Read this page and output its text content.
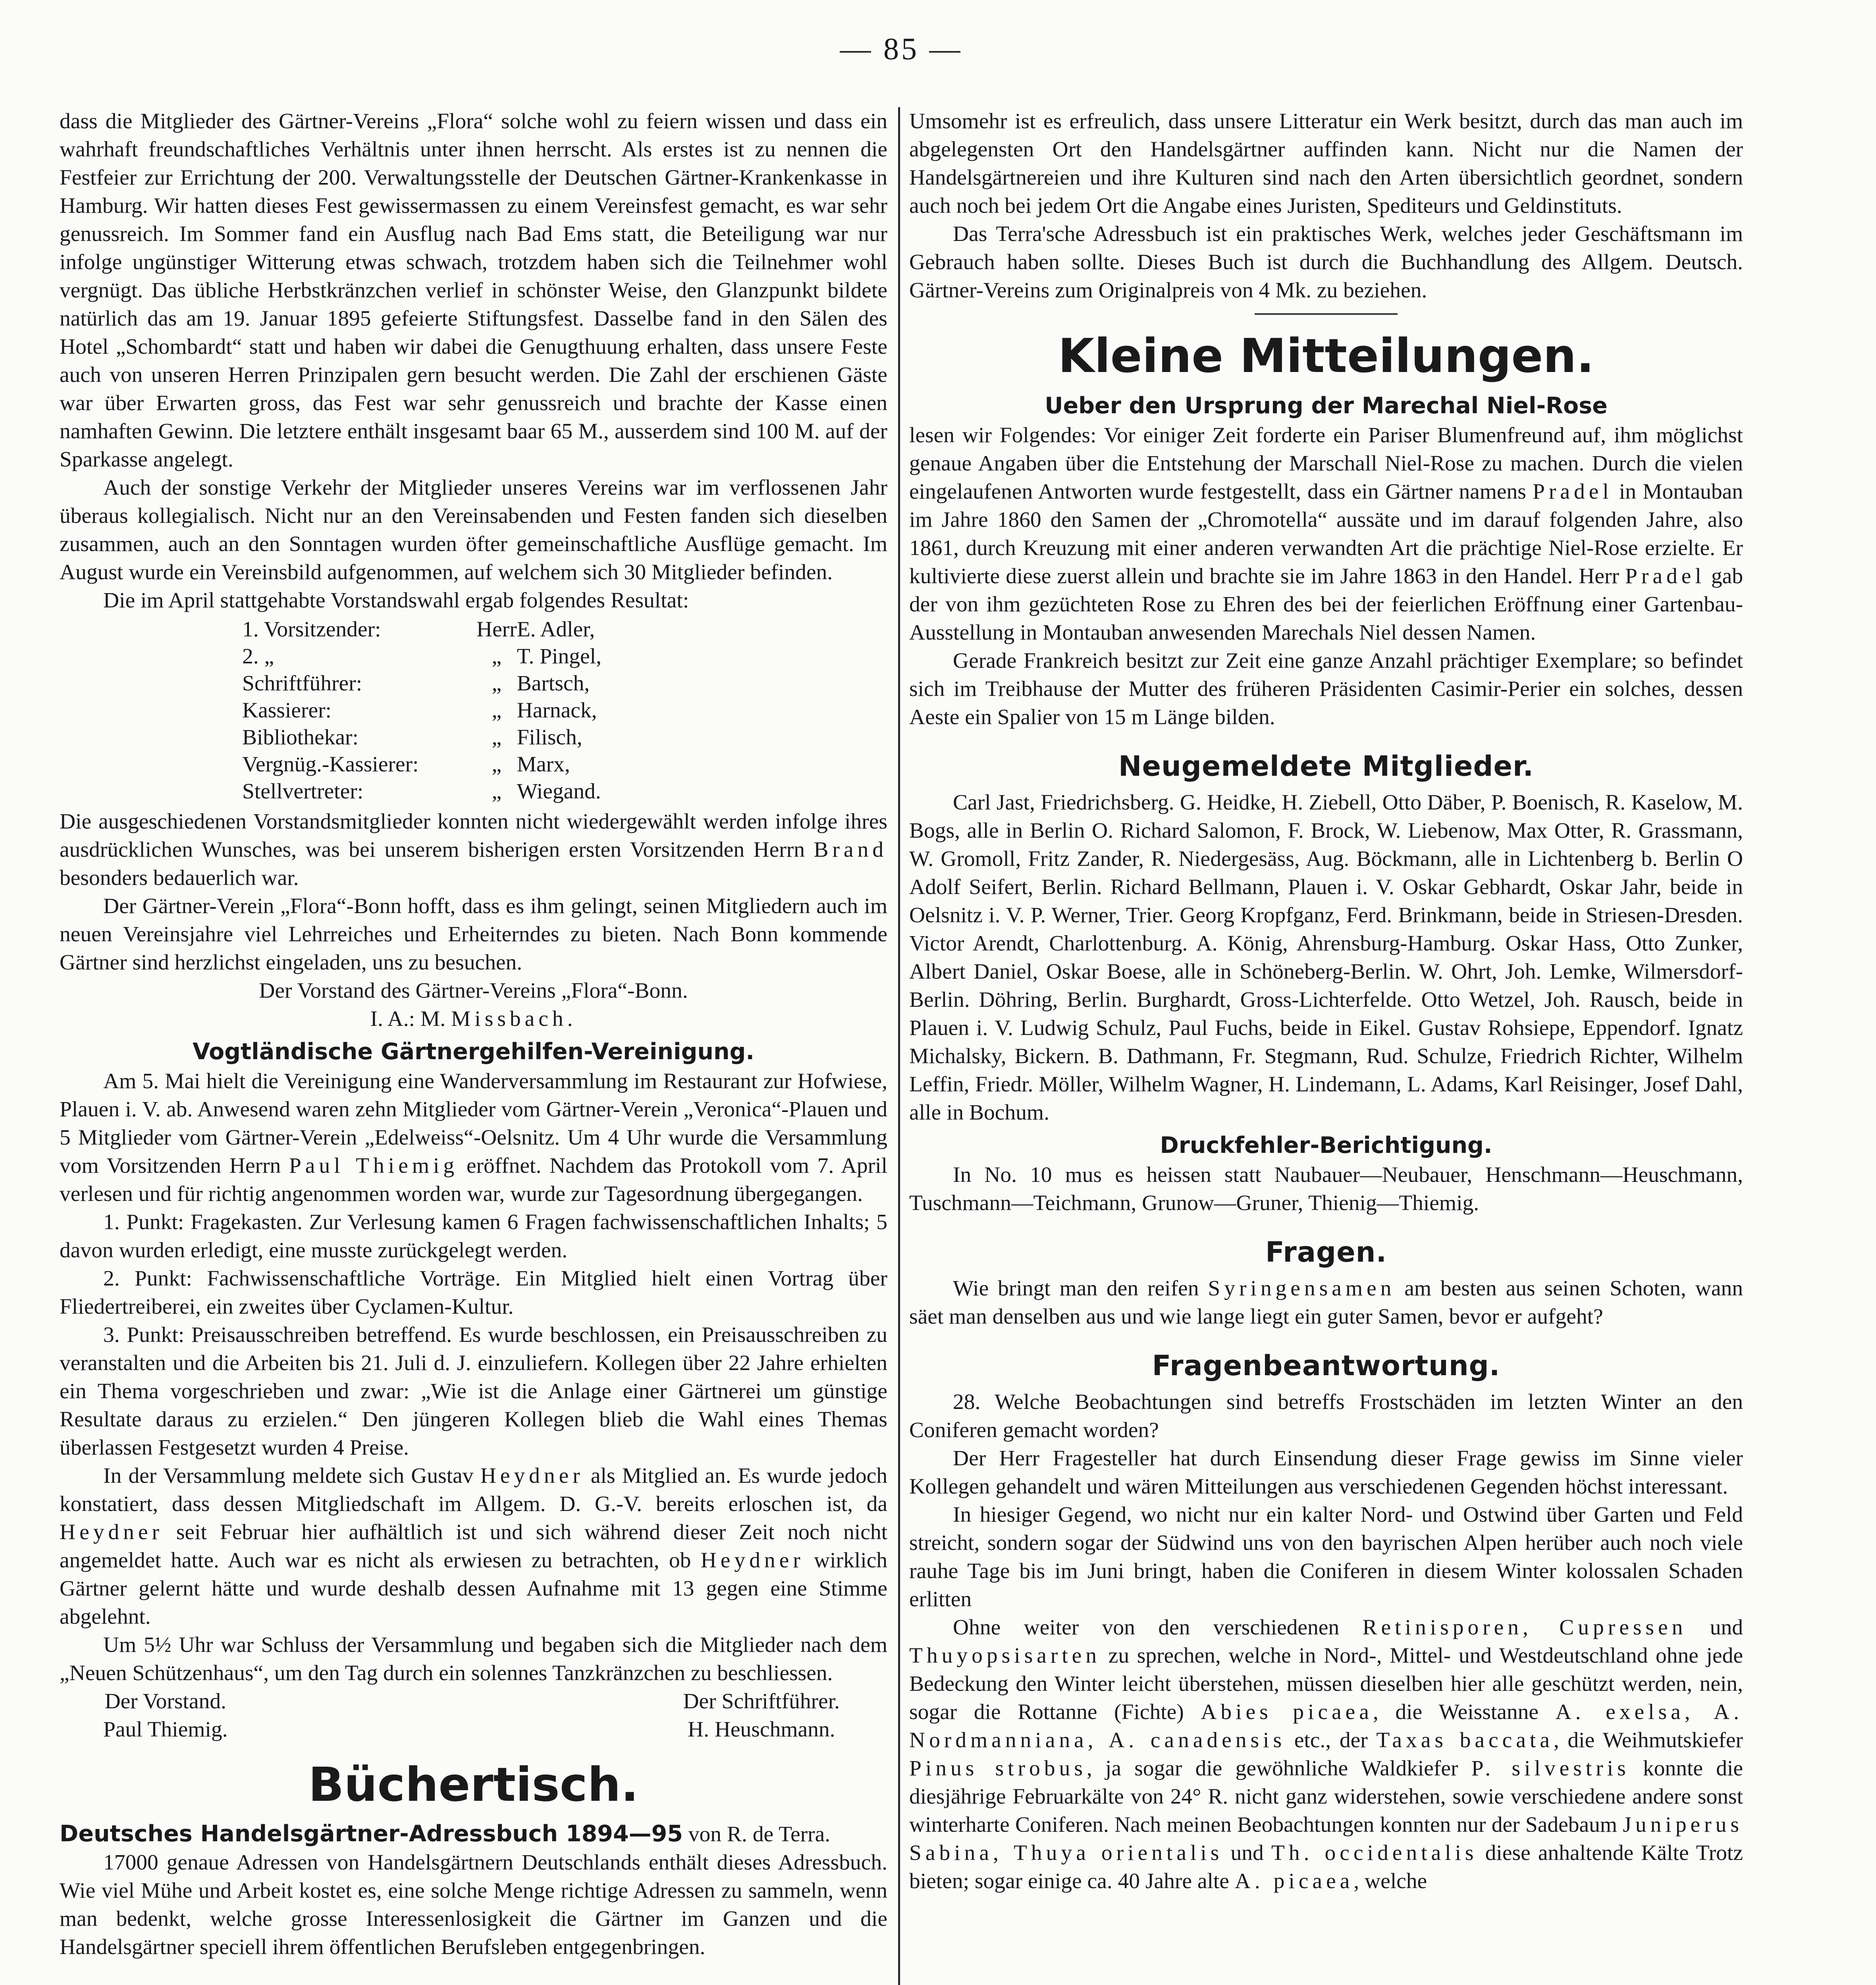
— 85 —

dass die Mitglieder des Gärtner-Vereins „Flora“ solche wohl zu feiern wissen und dass ein wahrhaft freundschaftliches Verhältnis unter ihnen herrscht. Als erstes ist zu nennen die Festfeier zur Errichtung der 200. Verwaltungsstelle der Deutschen Gärtner-Krankenkasse in Hamburg. Wir hatten dieses Fest gewissermassen zu einem Vereinsfest gemacht, es war sehr genussreich. Im Sommer fand ein Ausflug nach Bad Ems statt, die Beteiligung war nur infolge ungünstiger Witterung etwas schwach, trotzdem haben sich die Teilnehmer wohl vergnügt. Das übliche Herbstkränzchen verlief in schönster Weise, den Glanzpunkt bildete natürlich das am 19. Januar 1895 gefeierte Stiftungsfest. Dasselbe fand in den Sälen des Hotel „Schombardt“ statt und haben wir dabei die Genugthuung erhalten, dass unsere Feste auch von unseren Herren Prinzipalen gern besucht werden. Die Zahl der erschienen Gäste war über Erwarten gross, das Fest war sehr genussreich und brachte der Kasse einen namhaften Gewinn. Die letztere enthält insgesamt baar 65 M., ausserdem sind 100 M. auf der Sparkasse angelegt.

Auch der sonstige Verkehr der Mitglieder unseres Vereins war im verflossenen Jahr überaus kollegialisch. Nicht nur an den Vereinsabenden und Festen fanden sich dieselben zusammen, auch an den Sonntagen wurden öfter gemeinschaftliche Ausflüge gemacht. Im August wurde ein Vereinsbild aufgenommen, auf welchem sich 30 Mitglieder befinden.

Die im April stattgehabte Vorstandswahl ergab folgendes Resultat:

1. Vorsitzender:	Herr	E. Adler,
2. „	„	T. Pingel,
Schriftführer:	„	Bartsch,
Kassierer:	„	Harnack,
Bibliothekar:	„	Filisch,
Vergnüg.-Kassierer:	„	Marx,
Stellvertreter:	„	Wiegand.

Die ausgeschiedenen Vorstandsmitglieder konnten nicht wiedergewählt werden infolge ihres ausdrücklichen Wunsches, was bei unserem bisherigen ersten Vorsitzenden Herrn Brand besonders bedauerlich war.

Der Gärtner-Verein „Flora“-Bonn hofft, dass es ihm gelingt, seinen Mitgliedern auch im neuen Vereinsjahre viel Lehrreiches und Erheiterndes zu bieten. Nach Bonn kommende Gärtner sind herzlichst eingeladen, uns zu besuchen.

Der Vorstand des Gärtner-Vereins „Flora“-Bonn.

I. A.: M. Missbach.

Vogtländische Gärtnergehilfen-Vereinigung.

Am 5. Mai hielt die Vereinigung eine Wanderversammlung im Restaurant zur Hofwiese, Plauen i. V. ab. Anwesend waren zehn Mitglieder vom Gärtner-Verein „Veronica“-Plauen und 5 Mitglieder vom Gärtner-Verein „Edelweiss“-Oelsnitz. Um 4 Uhr wurde die Versammlung vom Vorsitzenden Herrn Paul Thiemig eröffnet. Nachdem das Protokoll vom 7. April verlesen und für richtig angenommen worden war, wurde zur Tagesordnung übergegangen.

1. Punkt: Fragekasten. Zur Verlesung kamen 6 Fragen fachwissenschaftlichen Inhalts; 5 davon wurden erledigt, eine musste zurückgelegt werden.

2. Punkt: Fachwissenschaftliche Vorträge. Ein Mitglied hielt einen Vortrag über Fliedertreiberei, ein zweites über Cyclamen-Kultur.

3. Punkt: Preisausschreiben betreffend. Es wurde beschlossen, ein Preisausschreiben zu veranstalten und die Arbeiten bis 21. Juli d. J. einzuliefern. Kollegen über 22 Jahre erhielten ein Thema vorgeschrieben und zwar: „Wie ist die Anlage einer Gärtnerei um günstige Resultate daraus zu erzielen.“ Den jüngeren Kollegen blieb die Wahl eines Themas überlassen Festgesetzt wurden 4 Preise.

In der Versammlung meldete sich Gustav Heydner als Mitglied an. Es wurde jedoch konstatiert, dass dessen Mitgliedschaft im Allgem. D. G.-V. bereits erloschen ist, da Heydner seit Februar hier aufhältlich ist und sich während dieser Zeit noch nicht angemeldet hatte. Auch war es nicht als erwiesen zu betrachten, ob Heydner wirklich Gärtner gelernt hätte und wurde deshalb dessen Aufnahme mit 13 gegen eine Stimme abgelehnt.

Um 5½ Uhr war Schluss der Versammlung und begaben sich die Mitglieder nach dem „Neuen Schützenhaus“, um den Tag durch ein solennes Tanzkränzchen zu beschliessen.

Der Vorstand.
Paul Thiemig.
Der Schriftführer.
H. Heuschmann.
Büchertisch.

Deutsches Handelsgärtner-Adressbuch 1894—95 von R. de Terra.

17000 genaue Adressen von Handelsgärtnern Deutschlands enthält dieses Adressbuch. Wie viel Mühe und Arbeit kostet es, eine solche Menge richtige Adressen zu sammeln, wenn man bedenkt, welche grosse Interessenlosigkeit die Gärtner im Ganzen und die Handelsgärtner speciell ihrem öffentlichen Berufsleben entgegenbringen.

Umsomehr ist es erfreulich, dass unsere Litteratur ein Werk besitzt, durch das man auch im abgelegensten Ort den Handelsgärtner auffinden kann. Nicht nur die Namen der Handelsgärtnereien und ihre Kulturen sind nach den Arten übersichtlich geordnet, sondern auch noch bei jedem Ort die Angabe eines Juristen, Spediteurs und Geldinstituts.

Das Terra'sche Adressbuch ist ein praktisches Werk, welches jeder Geschäftsmann im Gebrauch haben sollte. Dieses Buch ist durch die Buchhandlung des Allgem. Deutsch. Gärtner-Vereins zum Originalpreis von 4 Mk. zu beziehen.

Kleine Mitteilungen.
Ueber den Ursprung der Marechal Niel-Rose

lesen wir Folgendes: Vor einiger Zeit forderte ein Pariser Blumenfreund auf, ihm möglichst genaue Angaben über die Entstehung der Marschall Niel-Rose zu machen. Durch die vielen eingelaufenen Antworten wurde festgestellt, dass ein Gärtner namens Pradel in Montauban im Jahre 1860 den Samen der „Chromotella“ aussäte und im darauf folgenden Jahre, also 1861, durch Kreuzung mit einer anderen verwandten Art die prächtige Niel-Rose erzielte. Er kultivierte diese zuerst allein und brachte sie im Jahre 1863 in den Handel. Herr Pradel gab der von ihm gezüchteten Rose zu Ehren des bei der feierlichen Eröffnung einer Gartenbau-Ausstellung in Montauban anwesenden Marechals Niel dessen Namen.

Gerade Frankreich besitzt zur Zeit eine ganze Anzahl prächtiger Exemplare; so befindet sich im Treibhause der Mutter des früheren Präsidenten Casimir-Perier ein solches, dessen Aeste ein Spalier von 15 m Länge bilden.

Neugemeldete Mitglieder.

Carl Jast, Friedrichsberg. G. Heidke, H. Ziebell, Otto Däber, P. Boenisch, R. Kaselow, M. Bogs, alle in Berlin O. Richard Salomon, F. Brock, W. Liebenow, Max Otter, R. Grassmann, W. Gromoll, Fritz Zander, R. Niedergesäss, Aug. Böckmann, alle in Lichtenberg b. Berlin O Adolf Seifert, Berlin. Richard Bellmann, Plauen i. V. Oskar Gebhardt, Oskar Jahr, beide in Oelsnitz i. V. P. Werner, Trier. Georg Kropfganz, Ferd. Brinkmann, beide in Striesen-Dresden. Victor Arendt, Charlottenburg. A. König, Ahrensburg-Hamburg. Oskar Hass, Otto Zunker, Albert Daniel, Oskar Boese, alle in Schöneberg-Berlin. W. Ohrt, Joh. Lemke, Wilmersdorf-Berlin. Döhring, Berlin. Burghardt, Gross-Lichterfelde. Otto Wetzel, Joh. Rausch, beide in Plauen i. V. Ludwig Schulz, Paul Fuchs, beide in Eikel. Gustav Rohsiepe, Eppendorf. Ignatz Michalsky, Bickern. B. Dathmann, Fr. Stegmann, Rud. Schulze, Friedrich Richter, Wilhelm Leffin, Friedr. Möller, Wilhelm Wagner, H. Lindemann, L. Adams, Karl Reisinger, Josef Dahl, alle in Bochum.

Druckfehler-Berichtigung.

In No. 10 mus es heissen statt Naubauer—Neubauer, Henschmann—Heuschmann, Tuschmann—Teichmann, Grunow—Gruner, Thienig—Thiemig.

Fragen.

Wie bringt man den reifen Syringensamen am besten aus seinen Schoten, wann säet man denselben aus und wie lange liegt ein guter Samen, bevor er aufgeht?

Fragenbeantwortung.

28. Welche Beobachtungen sind betreffs Frostschäden im letzten Winter an den Coniferen gemacht worden?

Der Herr Fragesteller hat durch Einsendung dieser Frage gewiss im Sinne vieler Kollegen gehandelt und wären Mitteilungen aus verschiedenen Gegenden höchst interessant.

In hiesiger Gegend, wo nicht nur ein kalter Nord- und Ostwind über Garten und Feld streicht, sondern sogar der Südwind uns von den bayrischen Alpen herüber auch noch viele rauhe Tage bis im Juni bringt, haben die Coniferen in diesem Winter kolossalen Schaden erlitten

Ohne weiter von den verschiedenen Retinisporen, Cupressen und Thuyopsisarten zu sprechen, welche in Nord-, Mittel- und Westdeutschland ohne jede Bedeckung den Winter leicht überstehen, müssen dieselben hier alle geschützt werden, nein, sogar die Rottanne (Fichte) Abies picaea, die Weisstanne A. exelsa, A. Nordmanniana, A. canadensis etc., der Taxas baccata, die Weihmutskiefer Pinus strobus, ja sogar die gewöhnliche Waldkiefer P. silvestris konnte die diesjährige Februarkälte von 24° R. nicht ganz widerstehen, sowie verschiedene andere sonst winterharte Coniferen. Nach meinen Beobachtungen konnten nur der Sadebaum Juniperus Sabina, Thuya orientalis und Th. occidentalis diese anhaltende Kälte Trotz bieten; sogar einige ca. 40 Jahre alte A. picaea, welche
